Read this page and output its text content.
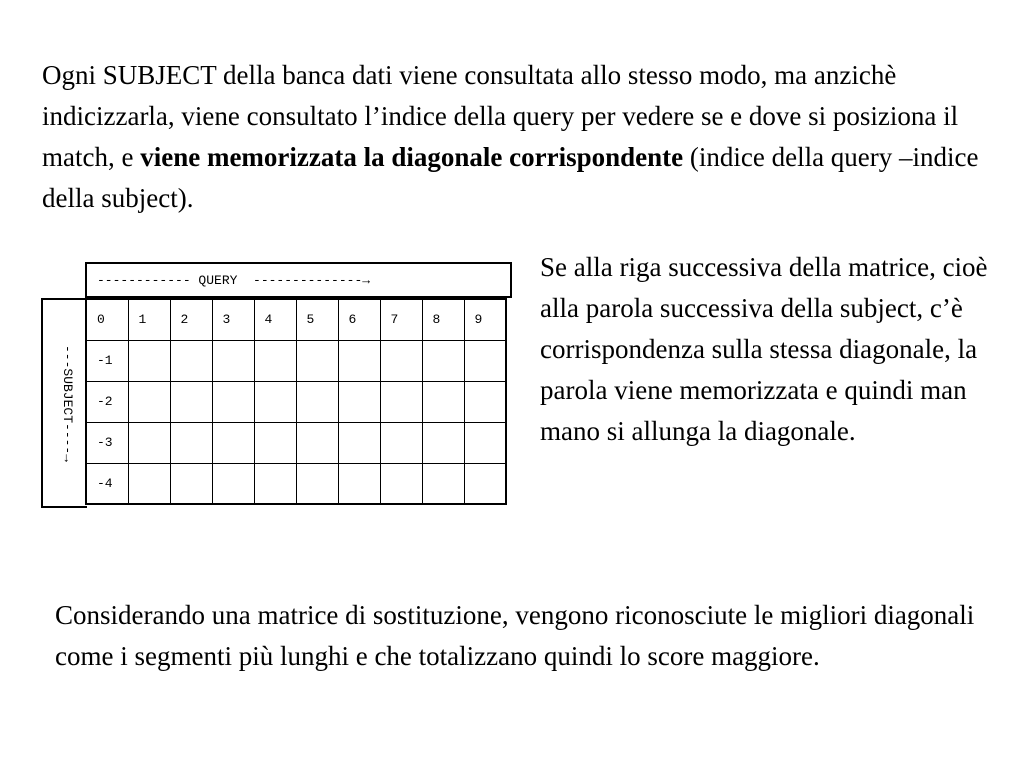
Ogni SUBJECT della banca dati viene consultata allo stesso modo, ma anzichè indicizzarla, viene consultato l’indice della query per vedere se e dove si posiziona il match, e viene memorizzata la diagonale corrispondente (indice della query –indice della subject).

------------ QUERY  --------------→
---SUBJECT----→
0	1	2	3	4	5	6	7	8	9
-1									
-2									
-3									
-4									

Se alla riga successiva della matrice, cioè alla parola successiva della subject, c’è corrispondenza sulla stessa diagonale, la parola viene memorizzata e quindi man mano si allunga la diagonale.

Considerando una matrice di sostituzione, vengono riconosciute le migliori diagonali come i segmenti più lunghi e che totalizzano quindi lo score maggiore.
